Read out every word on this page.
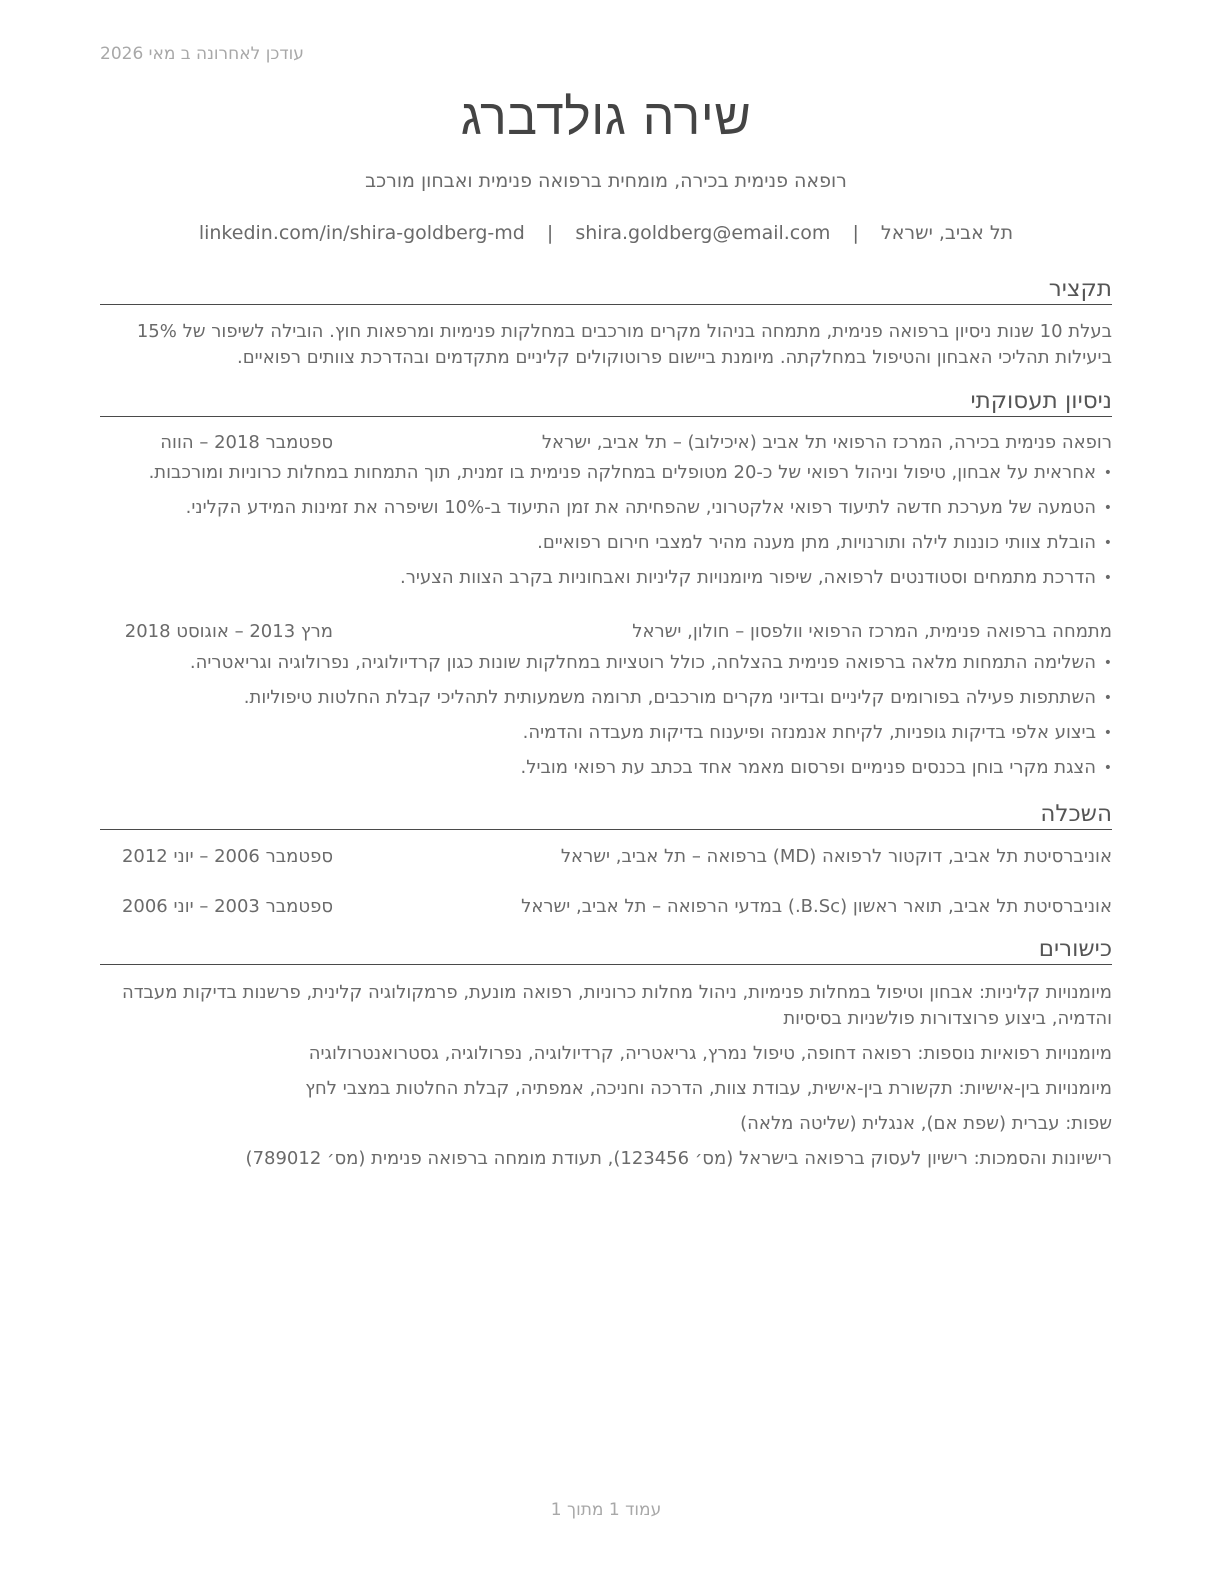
עודכן לאחרונה ב מאי 2026
שירה גולדברג
רופאה פנימית בכירה, מומחית ברפואה פנימית ואבחון מורכב
תל אביב, ישראל | shira.goldberg@email.com | linkedin.com/in/shira-goldberg-md
תקציר
בעלת 10 שנות ניסיון ברפואה פנימית, מתמחה בניהול מקרים מורכבים במחלקות פנימיות ומרפאות חוץ. הובילה לשיפור של 15% ביעילות תהליכי האבחון והטיפול במחלקתה. מיומנת ביישום פרוטוקולים קליניים מתקדמים ובהדרכת צוותים רפואיים.
ניסיון תעסוקתי
רופאה פנימית בכירה, המרכז הרפואי תל אביב (איכילוב) – תל אביב, ישראל
ספטמבר 2018 – הווה
• אחראית על אבחון, טיפול וניהול רפואי של כ-20 מטופלים במחלקה פנימית בו זמנית, תוך התמחות במחלות כרוניות ומורכבות.
• הטמעה של מערכת חדשה לתיעוד רפואי אלקטרוני, שהפחיתה את זמן התיעוד ב-10% ושיפרה את זמינות המידע הקליני.
• הובלת צוותי כוננות לילה ותורנויות, מתן מענה מהיר למצבי חירום רפואיים.
• הדרכת מתמחים וסטודנטים לרפואה, שיפור מיומנויות קליניות ואבחוניות בקרב הצוות הצעיר.
מתמחה ברפואה פנימית, המרכז הרפואי וולפסון – חולון, ישראל
מרץ 2013 – אוגוסט 2018
• השלימה התמחות מלאה ברפואה פנימית בהצלחה, כולל רוטציות במחלקות שונות כגון קרדיולוגיה, נפרולוגיה וגריאטריה.
• השתתפות פעילה בפורומים קליניים ובדיוני מקרים מורכבים, תרומה משמעותית לתהליכי קבלת החלטות טיפוליות.
• ביצוע אלפי בדיקות גופניות, לקיחת אנמנזה ופיענוח בדיקות מעבדה והדמיה.
• הצגת מקרי בוחן בכנסים פנימיים ופרסום מאמר אחד בכתב עת רפואי מוביל.
השכלה
אוניברסיטת תל אביב, דוקטור לרפואה (MD) ברפואה – תל אביב, ישראל
ספטמבר 2006 – יוני 2012
אוניברסיטת תל אביב, תואר ראשון (B.Sc.) במדעי הרפואה – תל אביב, ישראל
ספטמבר 2003 – יוני 2006
כישורים
מיומנויות קליניות: אבחון וטיפול במחלות פנימיות, ניהול מחלות כרוניות, רפואה מונעת, פרמקולוגיה קלינית, פרשנות בדיקות מעבדה והדמיה, ביצוע פרוצדורות פולשניות בסיסיות
מיומנויות רפואיות נוספות: רפואה דחופה, טיפול נמרץ, גריאטריה, קרדיולוגיה, נפרולוגיה, גסטרואנטרולוגיה
מיומנויות בין-אישיות: תקשורת בין-אישית, עבודת צוות, הדרכה וחניכה, אמפתיה, קבלת החלטות במצבי לחץ
שפות: עברית (שפת אם), אנגלית (שליטה מלאה)
רישיונות והסמכות: רישיון לעסוק ברפואה בישראל (מס׳ 123456), תעודת מומחה ברפואה פנימית (מס׳ 789012)
עמוד 1 מתוך 1
